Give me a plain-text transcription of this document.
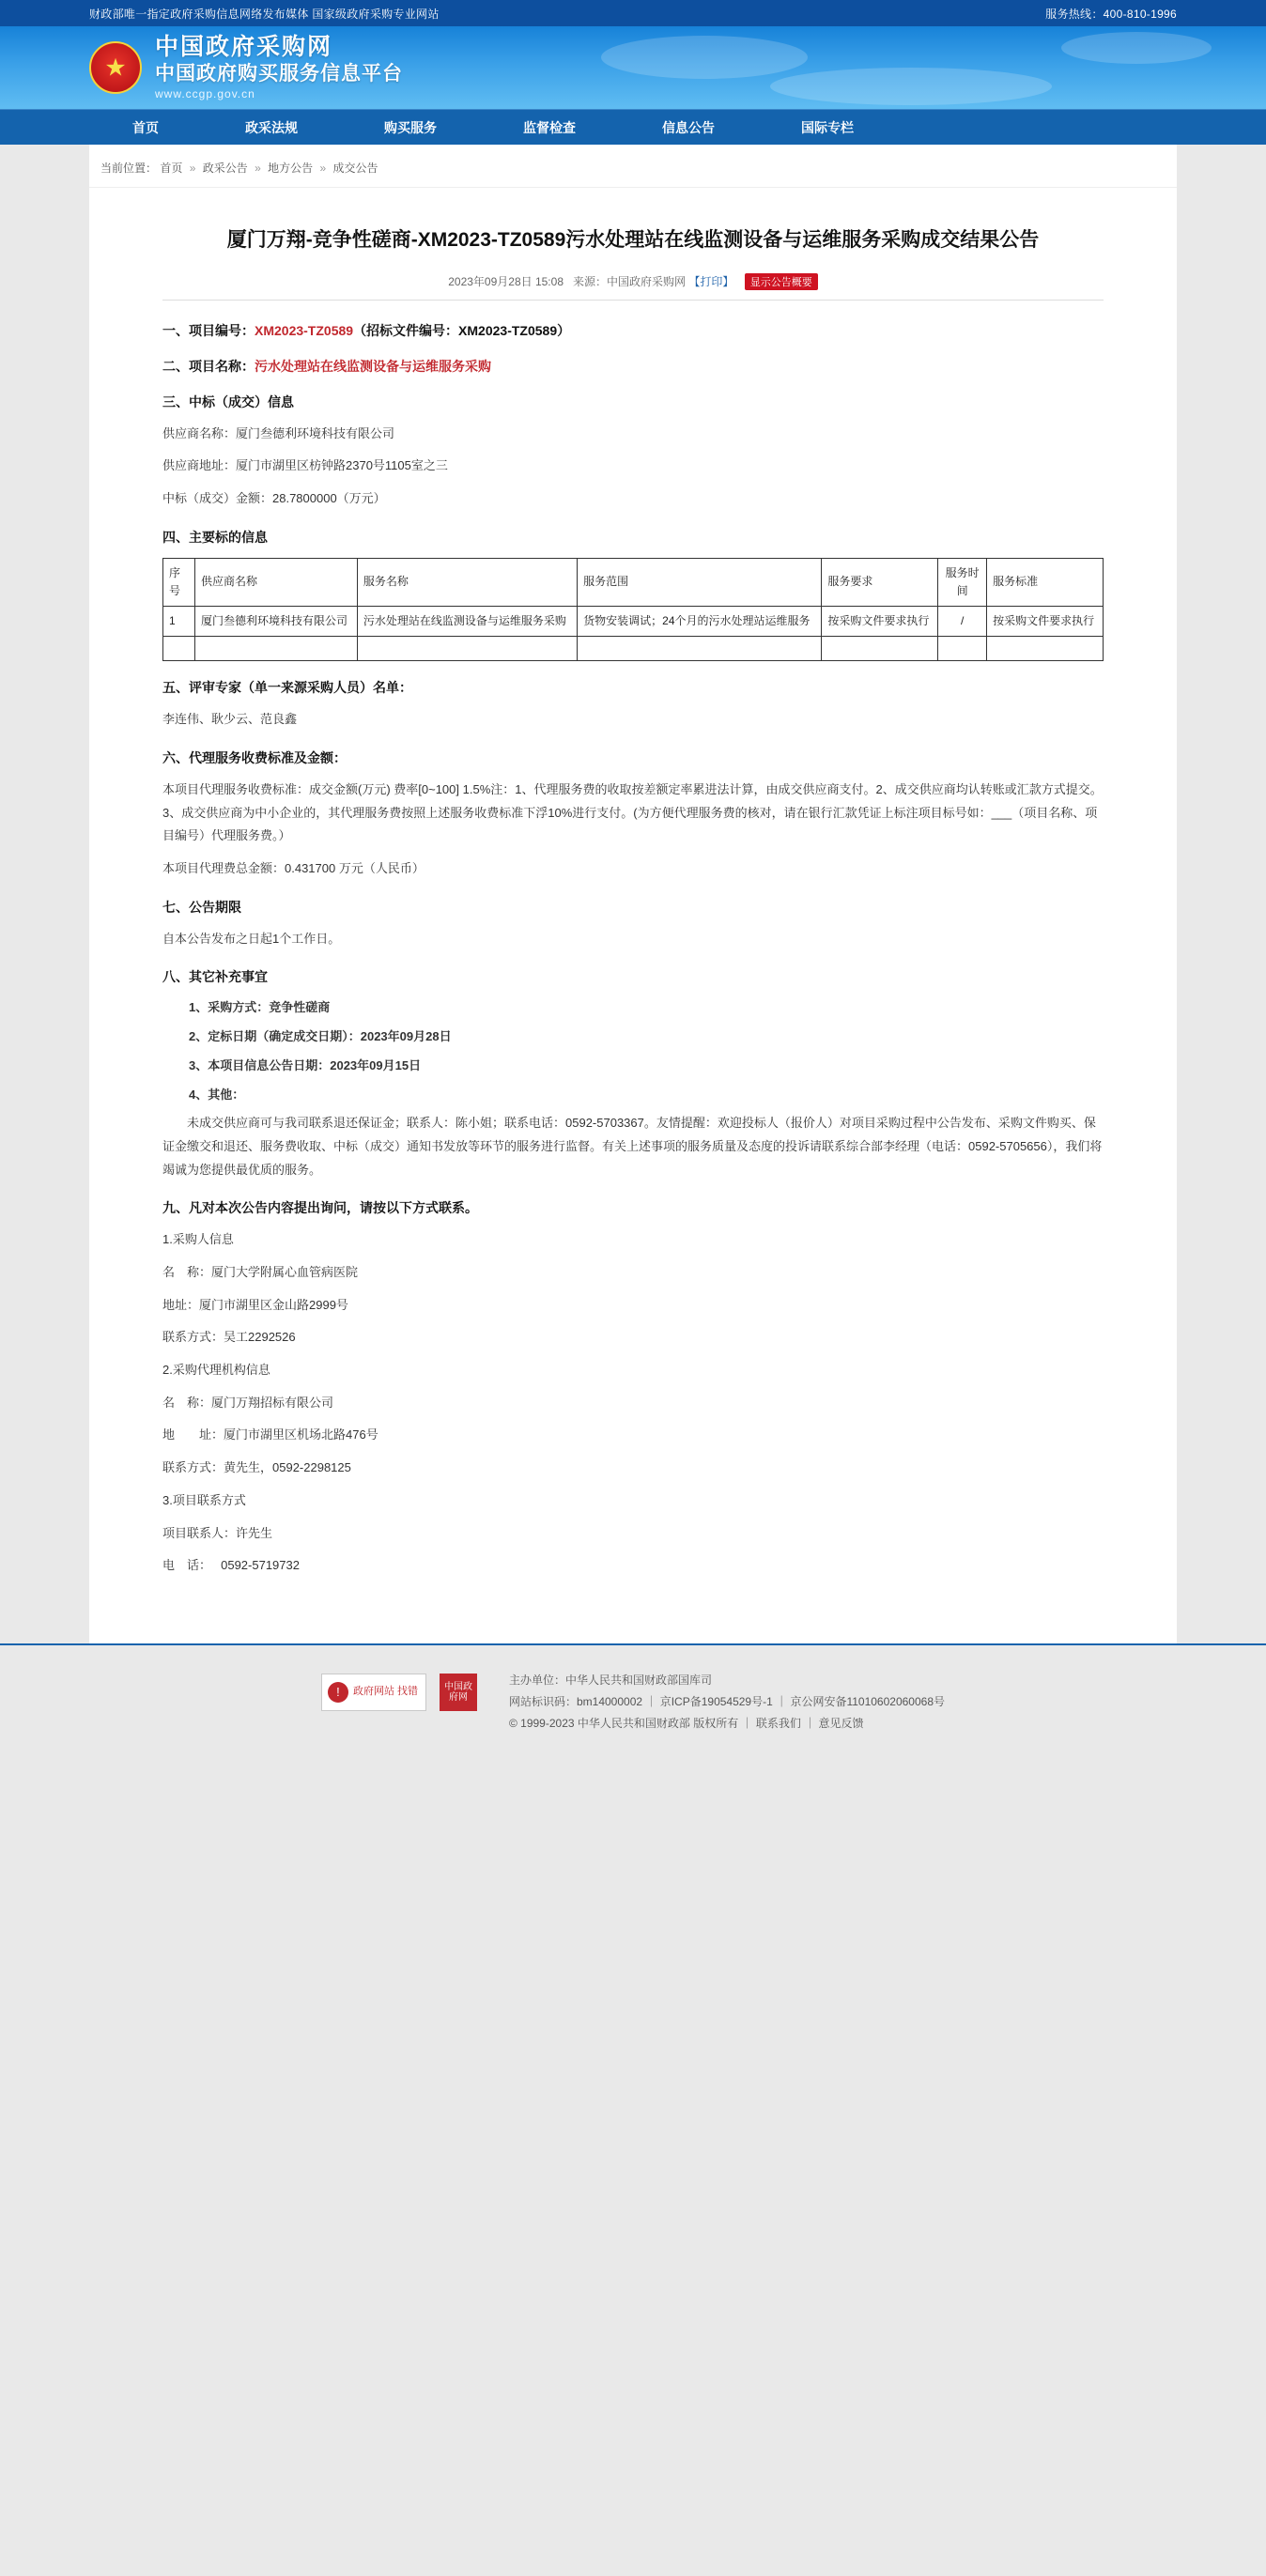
财政部唯一指定政府采购信息网络发布媒体 国家级政府采购专业网站	服务热线：400-810-1996
★
中国政府采购网
中国政府购买服务信息平台
www.ccgp.gov.cn
首页	政采法规	购买服务	监督检查	信息公告	国际专栏
当前位置： 首页 » 政采公告 » 地方公告 » 成交公告
厦门万翔-竞争性磋商-XM2023-TZ0589污水处理站在线监测设备与运维服务采购成交结果公告
2023年09月28日 15:08 来源：中国政府采购网 【打印】 显示公告概要
一、项目编号：XM2023-TZ0589（招标文件编号：XM2023-TZ0589）
二、项目名称：污水处理站在线监测设备与运维服务采购
三、中标（成交）信息

供应商名称：厦门叁德利环境科技有限公司

供应商地址：厦门市湖里区枋钟路2370号1105室之三

中标（成交）金额：28.7800000（万元）

四、主要标的信息
序号	供应商名称	服务名称	服务范围	服务要求	服务时间	服务标准
1	厦门叁德利环境科技有限公司	污水处理站在线监测设备与运维服务采购	货物安装调试；24个月的污水处理站运维服务	按采购文件要求执行	/	按采购文件要求执行

五、评审专家（单一来源采购人员）名单：

李连伟、耿少云、范良鑫

六、代理服务收费标准及金额：

本项目代理服务收费标准：成交金额(万元) 费率[0~100] 1.5%注：1、代理服务费的收取按差额定率累进法计算，由成交供应商支付。2、成交供应商均认转账或汇款方式提交。3、成交供应商为中小企业的，其代理服务费按照上述服务收费标准下浮10%进行支付。(为方便代理服务费的核对，请在银行汇款凭证上标注项目标号如：___（项目名称、项目编号）代理服务费。）

本项目代理费总金额：0.431700 万元（人民币）

七、公告期限

自本公告发布之日起1个工作日。

八、其它补充事宜
1、采购方式：竞争性磋商
2、定标日期（确定成交日期）：2023年09月28日
3、本项目信息公告日期：2023年09月15日
4、其他：

未成交供应商可与我司联系退还保证金；联系人：陈小姐；联系电话：0592-5703367。友情提醒：欢迎投标人（报价人）对项目采购过程中公告发布、采购文件购买、保证金缴交和退还、服务费收取、中标（成交）通知书发放等环节的服务进行监督。有关上述事项的服务质量及态度的投诉请联系综合部李经理（电话：0592-5705656），我们将竭诚为您提供最优质的服务。

九、凡对本次公告内容提出询问，请按以下方式联系。

1.采购人信息

名　称：厦门大学附属心血管病医院

地址：厦门市湖里区金山路2999号

联系方式：吴工2292526

2.采购代理机构信息

名　称：厦门万翔招标有限公司

地　　址：厦门市湖里区机场北路476号

联系方式：黄先生，0592-2298125

3.项目联系方式

项目联系人：许先生

电　话：　 0592-5719732

!	政府网站 找错	中国政府网
主办单位：中华人民共和国财政部国库司
网站标识码：bm14000002 ｜ 京ICP备19054529号-1 ｜ 京公网安备11010602060068号
© 1999-2023 中华人民共和国财政部 版权所有 ｜ 联系我们 ｜ 意见反馈
